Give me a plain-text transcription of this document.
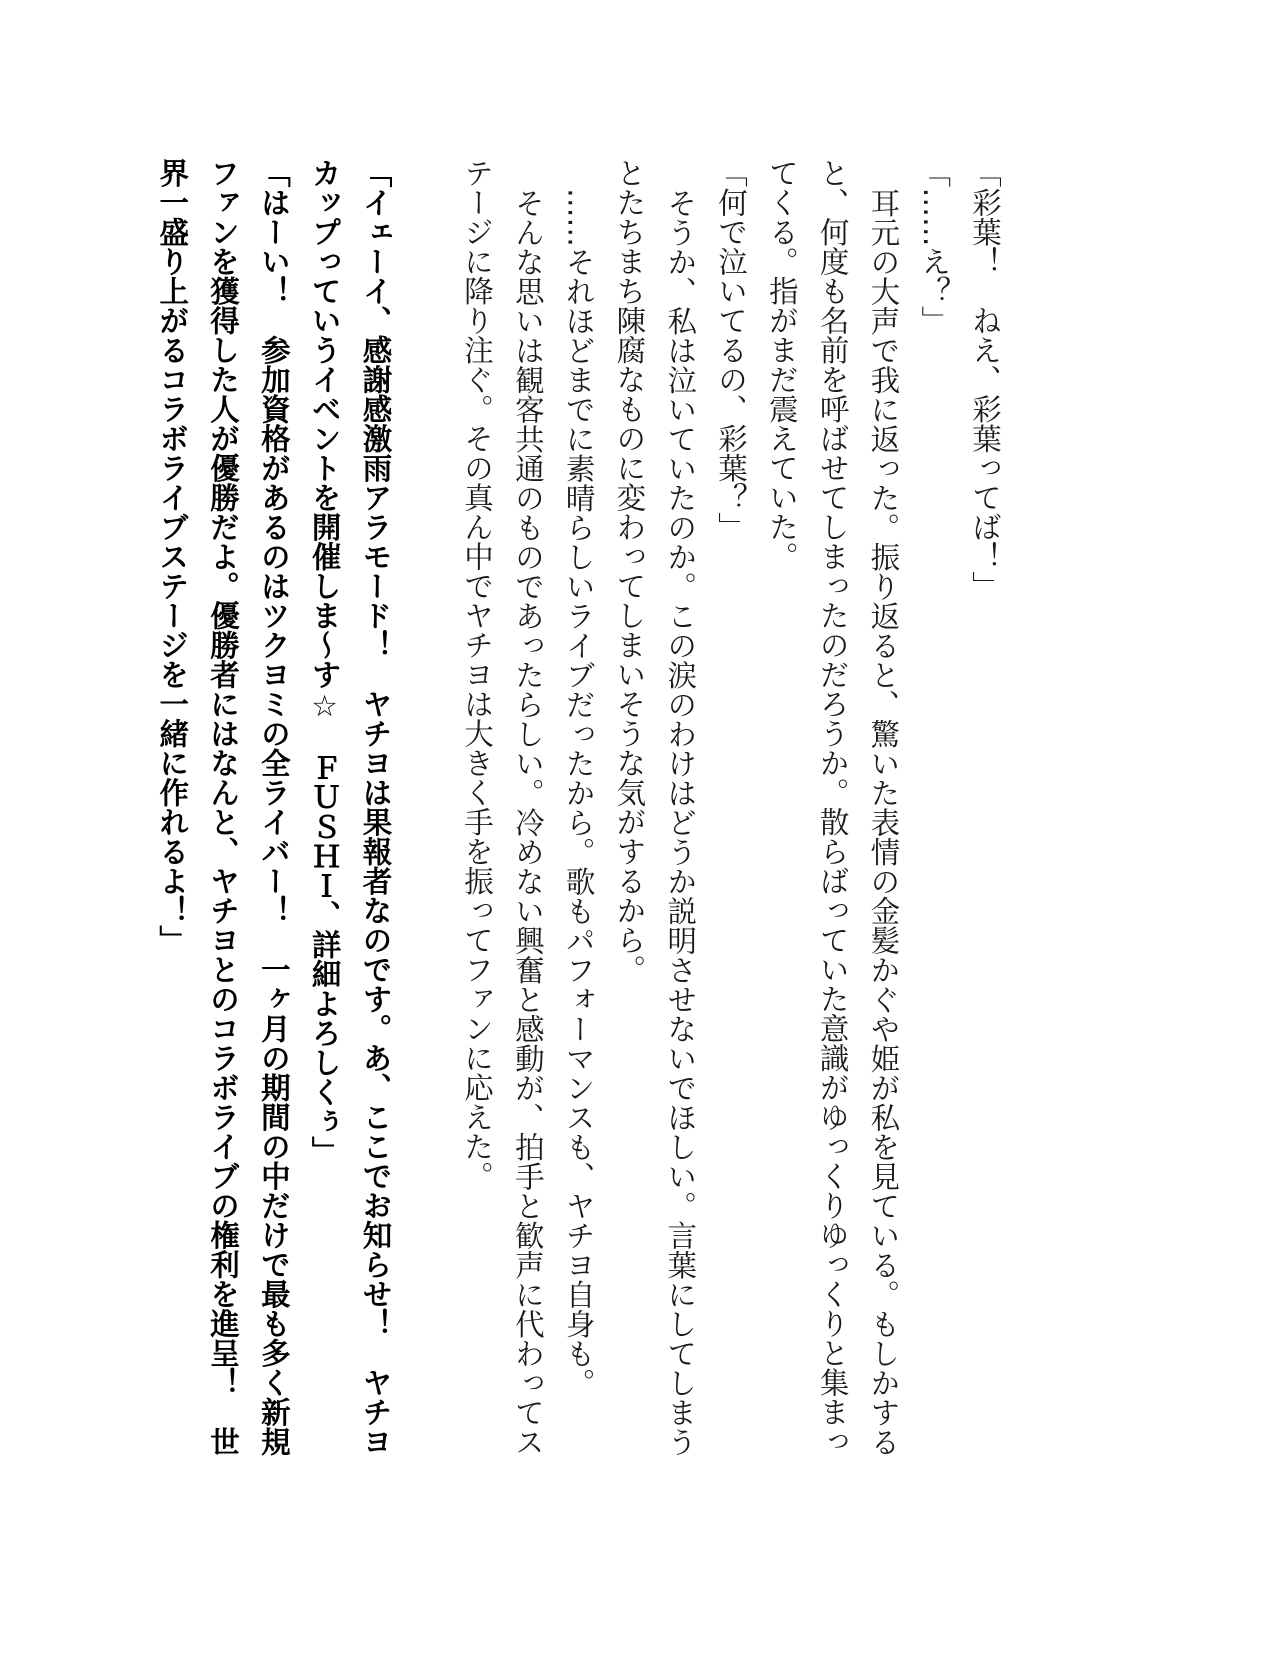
「彩葉！　ねえ、彩葉ってば！」

「……え？」

耳元の大声で我に返った。振り返ると、驚いた表情の金髪かぐや姫が私を見ている。もしかする

と、何度も名前を呼ばせてしまったのだろうか。散らばっていた意識がゆっくりゆっくりと集まっ

てくる。指がまだ震えていた。

「何で泣いてるの、彩葉？」

そうか、私は泣いていたのか。この涙のわけはどうか説明させないでほしい。言葉にしてしまう

とたちまち陳腐なものに変わってしまいそうな気がするから。

……それほどまでに素晴らしいライブだったから。歌もパフォーマンスも、ヤチヨ自身も。

そんな思いは観客共通のものであったらしい。冷めない興奮と感動が、拍手と歓声に代わってス

テージに降り注ぐ。その真ん中でヤチヨは大きく手を振ってファンに応えた。

「イェーイ、感謝感激雨アラモード！　ヤチヨは果報者なのです。あ、ここでお知らせ！　ヤチヨ

カップっていうイベントを開催しま～す☆　ＦＵＳＨＩ、詳細よろしくぅ」

「はーい！　参加資格があるのはツクヨミの全ライバー！　一ヶ月の期間の中だけで最も多く新規

ファンを獲得した人が優勝だよ。優勝者にはなんと、ヤチヨとのコラボライブの権利を進呈！　世

界一盛り上がるコラボライブステージを一緒に作れるよ！」
